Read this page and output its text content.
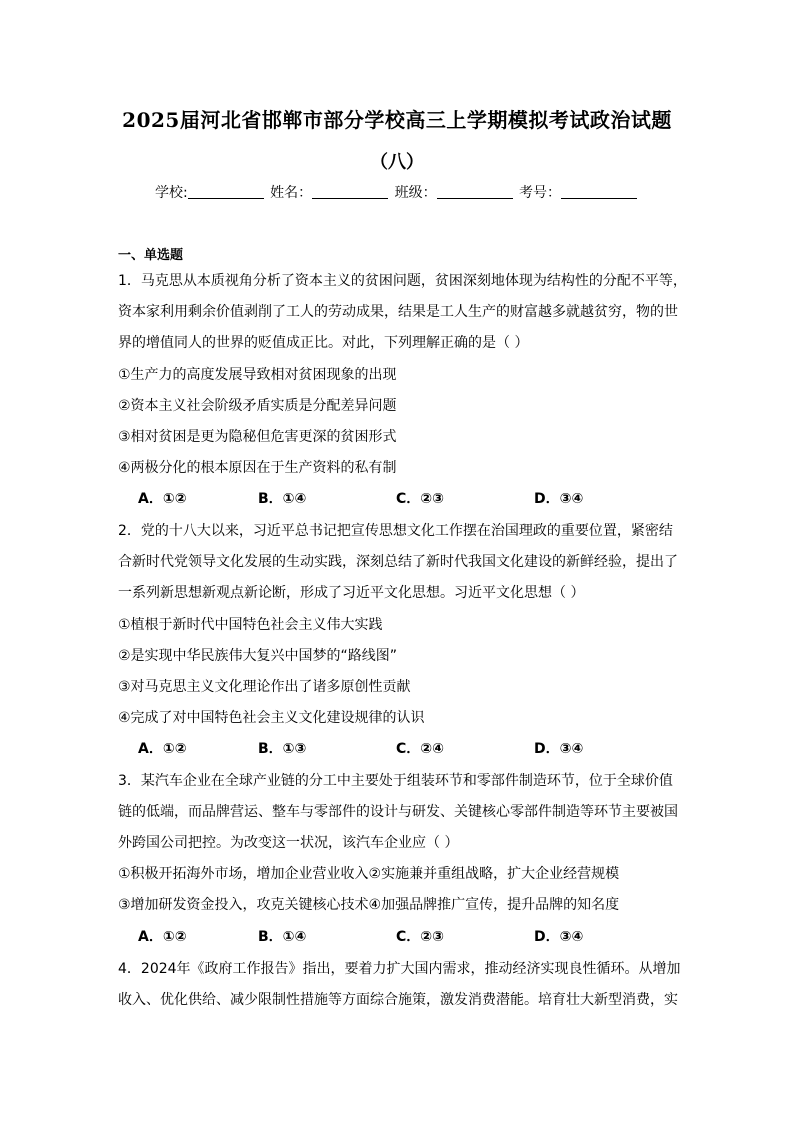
2025届河北省邯郸市部分学校高三上学期模拟考试政治试题
（八）
学校:	姓名：	班级：	考号：
一、单选题
1．马克思从本质视角分析了资本主义的贫困问题，贫困深刻地体现为结构性的分配不平等，
资本家利用剩余价值剥削了工人的劳动成果，结果是工人生产的财富越多就越贫穷，物的世
界的增值同人的世界的贬值成正比。对此，下列理解正确的是（ ）
①生产力的高度发展导致相对贫困现象的出现
②资本主义社会阶级矛盾实质是分配差异问题
③相对贫困是更为隐秘但危害更深的贫困形式
④两极分化的根本原因在于生产资料的私有制
A．①②	B．①④	C．②③	D．③④
2．党的十八大以来，习近平总书记把宣传思想文化工作摆在治国理政的重要位置，紧密结
合新时代党领导文化发展的生动实践，深刻总结了新时代我国文化建设的新鲜经验，提出了
一系列新思想新观点新论断，形成了习近平文化思想。习近平文化思想（ ）
①植根于新时代中国特色社会主义伟大实践
②是实现中华民族伟大复兴中国梦的“路线图”
③对马克思主义文化理论作出了诸多原创性贡献
④完成了对中国特色社会主义文化建设规律的认识
A．①②	B．①③	C．②④	D．③④
3．某汽车企业在全球产业链的分工中主要处于组装环节和零部件制造环节，位于全球价值
链的低端，而品牌营运、整车与零部件的设计与研发、关键核心零部件制造等环节主要被国
外跨国公司把控。为改变这一状况，该汽车企业应（ ）
①积极开拓海外市场，增加企业营业收入②实施兼并重组战略，扩大企业经营规模
③增加研发资金投入，攻克关键核心技术④加强品牌推广宣传，提升品牌的知名度
A．①②	B．①④	C．②③	D．③④
4．2024年《政府工作报告》指出，要着力扩大国内需求，推动经济实现良性循环。从增加
收入、优化供给、减少限制性措施等方面综合施策，激发消费潜能。培育壮大新型消费，实
